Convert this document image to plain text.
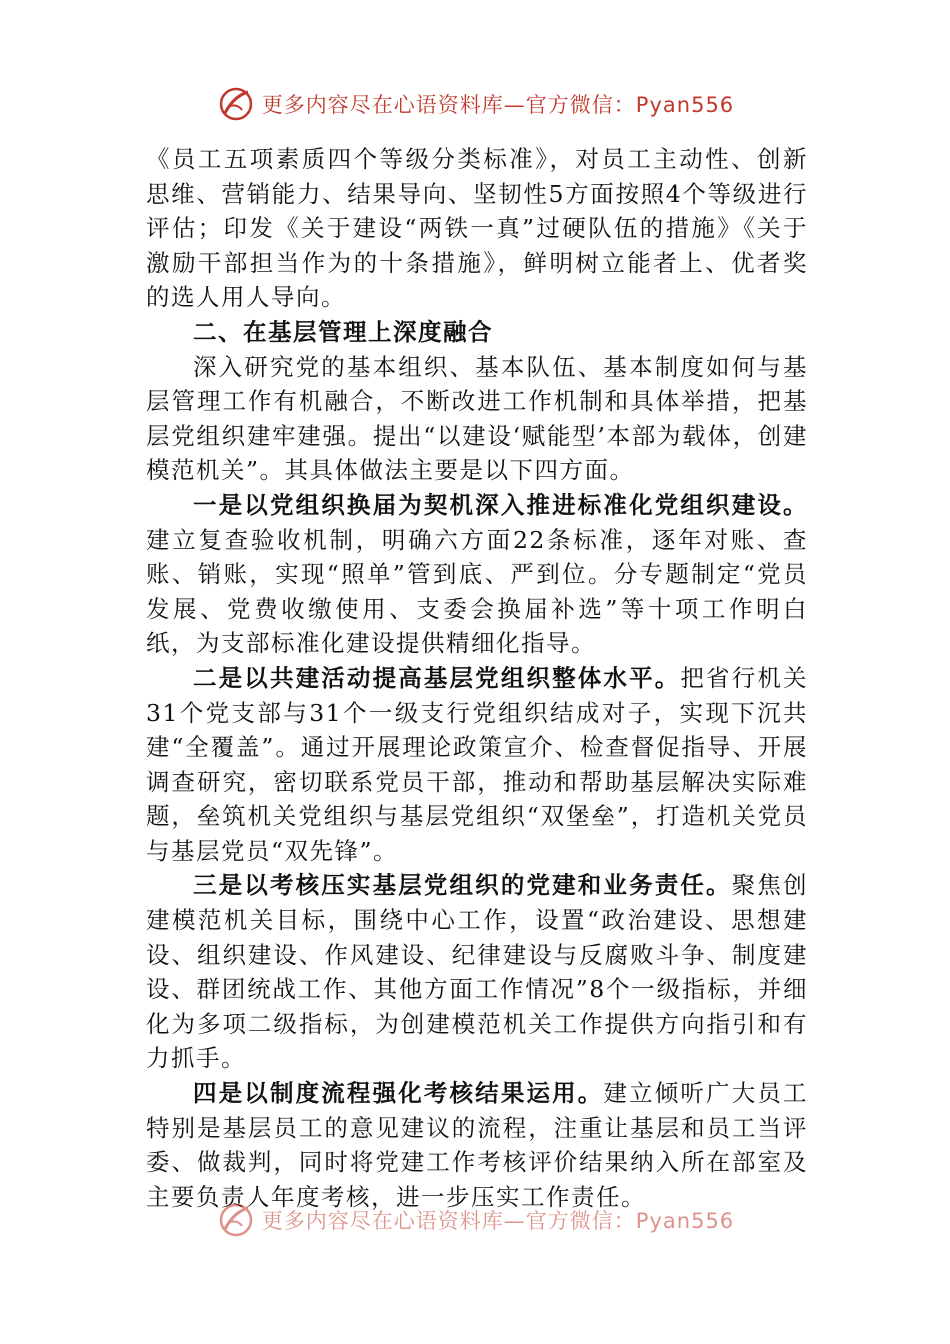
更多内容尽在心语资料库—官方微信：Pyan556

《员工五项素质四个等级分类标准》，对员工主动性、创新思维、营销能力、结果导向、坚韧性5方面按照4个等级进行评估；印发《关于建设“两铁一真”过硬队伍的措施》《关于激励干部担当作为的十条措施》，鲜明树立能者上、优者奖的选人用人导向。

二、在基层管理上深度融合

深入研究党的基本组织、基本队伍、基本制度如何与基层管理工作有机融合，不断改进工作机制和具体举措，把基层党组织建牢建强。提出“以建设‘赋能型’本部为载体，创建模范机关”。其具体做法主要是以下四方面。

一是以党组织换届为契机深入推进标准化党组织建设。建立复查验收机制，明确六方面22条标准，逐年对账、查账、销账，实现“照单”管到底、严到位。分专题制定“党员发展、党费收缴使用、支委会换届补选”等十项工作明白纸，为支部标准化建设提供精细化指导。

二是以共建活动提高基层党组织整体水平。把省行机关31个党支部与31个一级支行党组织结成对子，实现下沉共建“全覆盖”。通过开展理论政策宣介、检查督促指导、开展调查研究，密切联系党员干部，推动和帮助基层解决实际难题，垒筑机关党组织与基层党组织“双堡垒”，打造机关党员与基层党员“双先锋”。

三是以考核压实基层党组织的党建和业务责任。聚焦创建模范机关目标，围绕中心工作，设置“政治建设、思想建设、组织建设、作风建设、纪律建设与反腐败斗争、制度建设、群团统战工作、其他方面工作情况”8个一级指标，并细化为多项二级指标，为创建模范机关工作提供方向指引和有力抓手。

四是以制度流程强化考核结果运用。建立倾听广大员工特别是基层员工的意见建议的流程，注重让基层和员工当评委、做裁判，同时将党建工作考核评价结果纳入所在部室及主要负责人年度考核，进一步压实工作责任。

更多内容尽在心语资料库—官方微信：Pyan556
